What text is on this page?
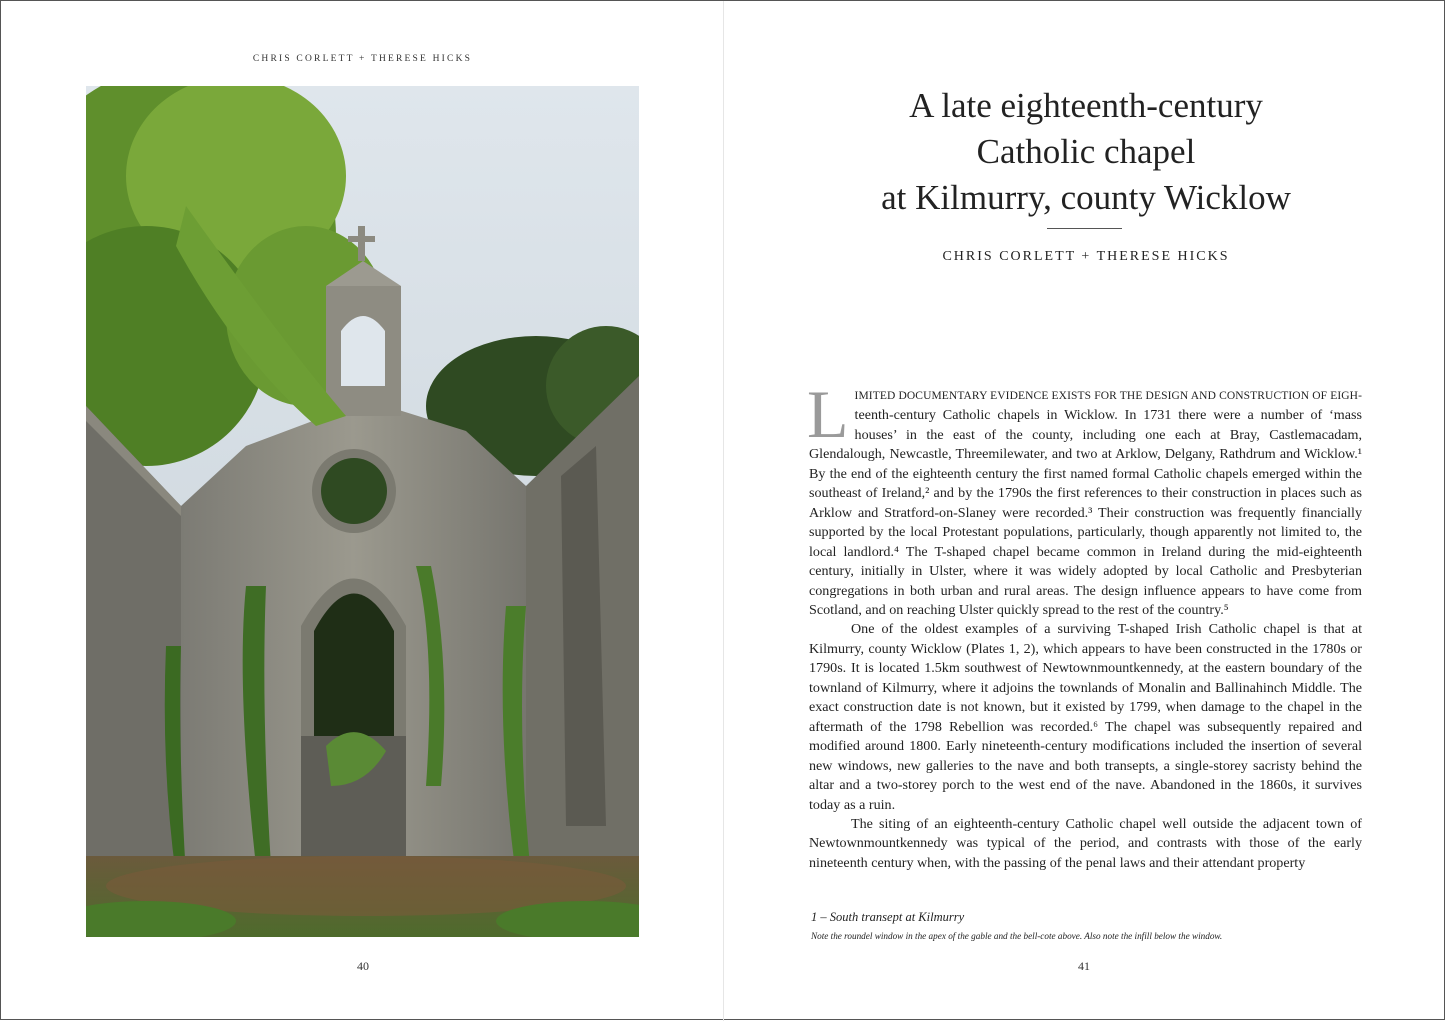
CHRIS CORLETT + THERESE HICKS
40
A late eighteenth-century
Catholic chapel
at Kilmurry, county Wicklow
CHRIS CORLETT + THERESE HICKS

LIMITED DOCUMENTARY EVIDENCE EXISTS FOR THE DESIGN AND CONSTRUCTION OF EIGH-teenth-century Catholic chapels in Wicklow. In 1731 there were a number of ‘mass houses’ in the east of the county, including one each at Bray, Castlemacadam, Glendalough, Newcastle, Threemilewater, and two at Arklow, Delgany, Rathdrum and Wicklow.¹ By the end of the eighteenth century the first named formal Catholic chapels emerged within the southeast of Ireland,² and by the 1790s the first references to their construction in places such as Arklow and Stratford-on-Slaney were recorded.³ Their construction was frequently financially supported by the local Protestant populations, particularly, though apparently not limited to, the local landlord.⁴ The T-shaped chapel became common in Ireland during the mid-eighteenth century, initially in Ulster, where it was widely adopted by local Catholic and Presbyterian congregations in both urban and rural areas. The design influence appears to have come from Scotland, and on reaching Ulster quickly spread to the rest of the country.⁵

One of the oldest examples of a surviving T-shaped Irish Catholic chapel is that at Kilmurry, county Wicklow (Plates 1, 2), which appears to have been constructed in the 1780s or 1790s. It is located 1.5km southwest of Newtownmountkennedy, at the eastern boundary of the townland of Kilmurry, where it adjoins the townlands of Monalin and Ballinahinch Middle. The exact construction date is not known, but it existed by 1799, when damage to the chapel in the aftermath of the 1798 Rebellion was recorded.⁶ The chapel was subsequently repaired and modified around 1800. Early nineteenth-century modifications included the insertion of several new windows, new galleries to the nave and both transepts, a single-storey sacristy behind the altar and a two-storey porch to the west end of the nave. Abandoned in the 1860s, it survives today as a ruin.

The siting of an eighteenth-century Catholic chapel well outside the adjacent town of Newtownmountkennedy was typical of the period, and contrasts with those of the early nineteenth century when, with the passing of the penal laws and their attendant property

1 – South transept at Kilmurry
Note the roundel window in the apex of the gable and the bell-cote above. Also note the infill below the window.
41
